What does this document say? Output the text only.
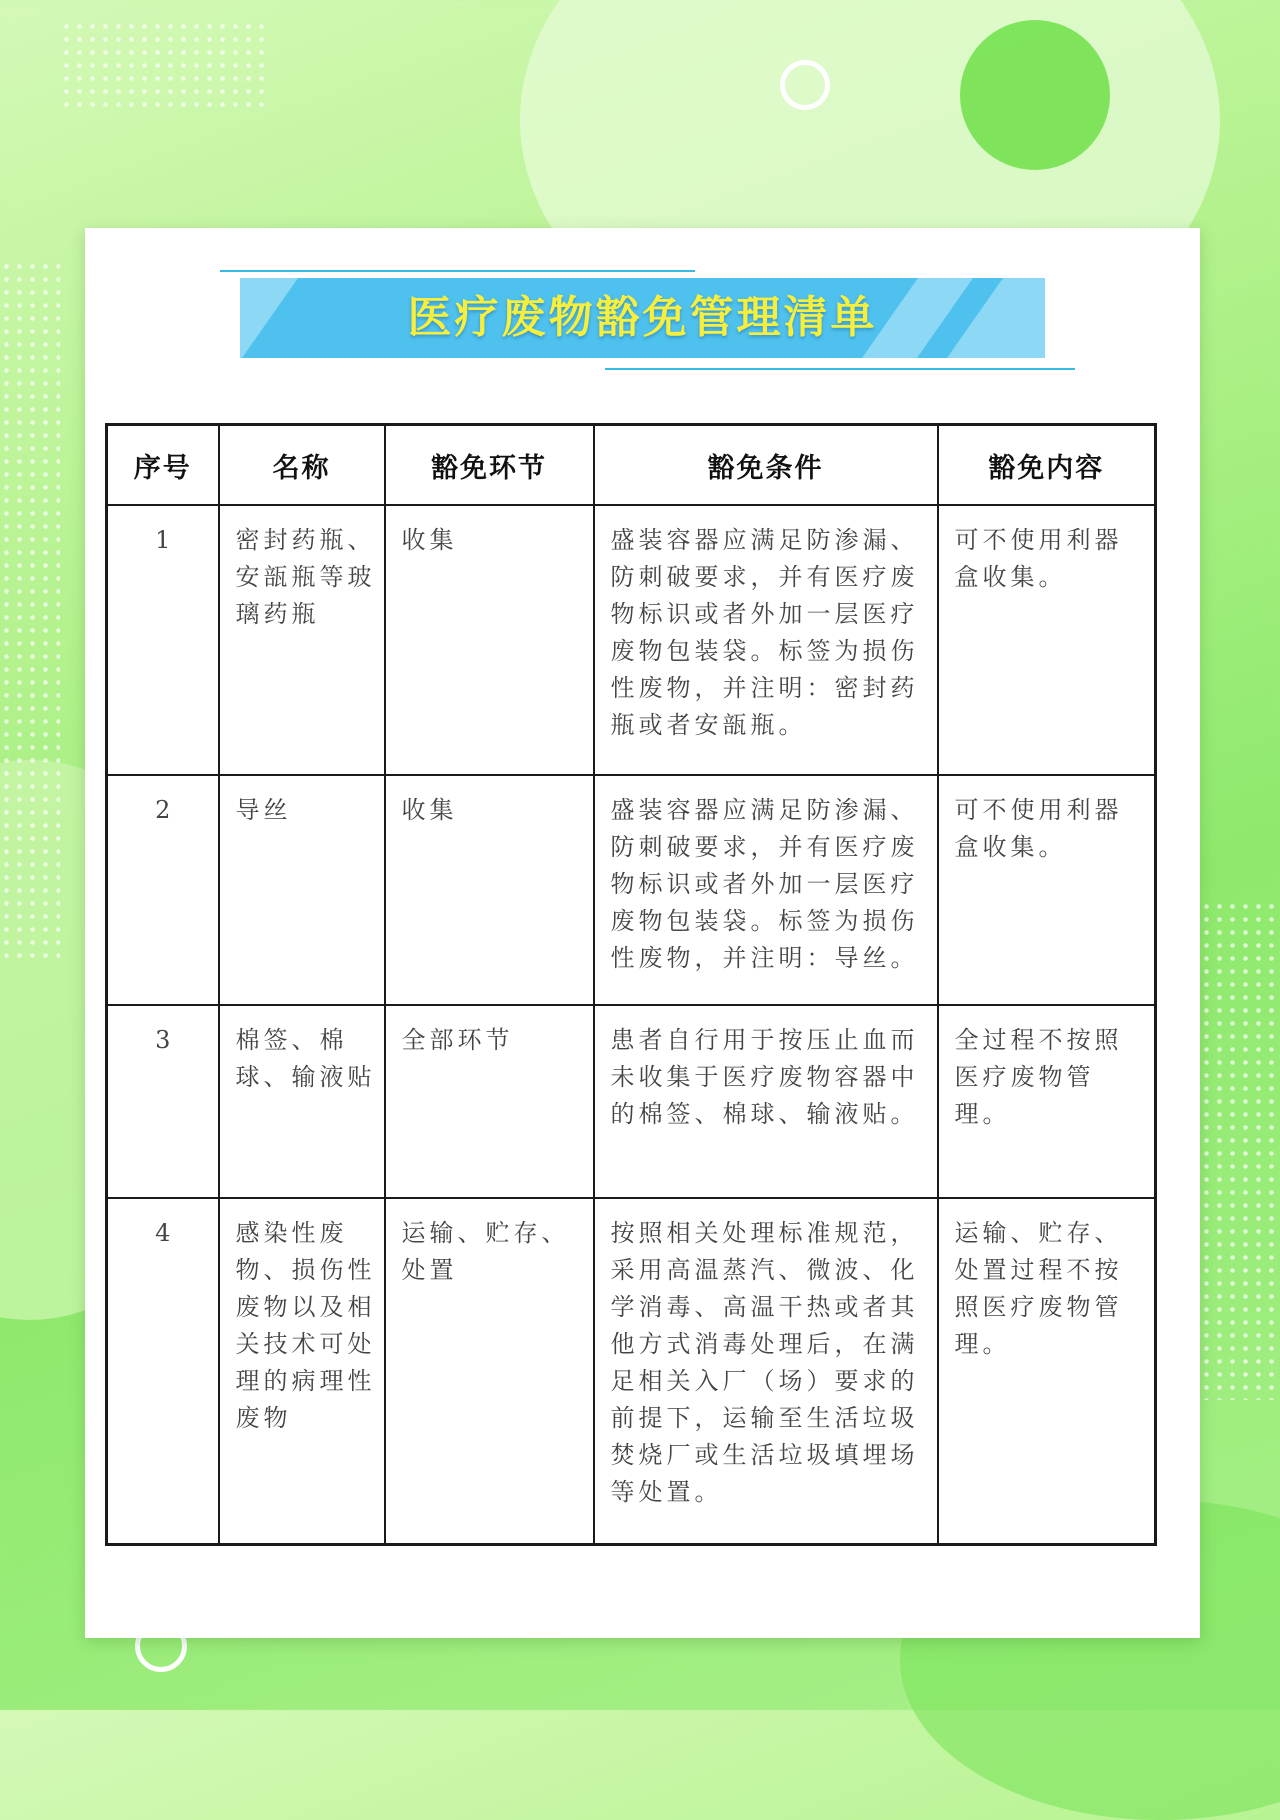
医疗废物豁免管理清单
序号	名称	豁免环节	豁免条件	豁免内容
1	密封药瓶、安瓿瓶等玻璃药瓶	收集	盛装容器应满足防渗漏、防刺破要求，并有医疗废物标识或者外加一层医疗废物包装袋。标签为损伤性废物，并注明：密封药瓶或者安瓿瓶。	可不使用利器盒收集。
2	导丝	收集	盛装容器应满足防渗漏、防刺破要求，并有医疗废物标识或者外加一层医疗废物包装袋。标签为损伤性废物，并注明：导丝。	可不使用利器盒收集。
3	棉签、棉球、输液贴	全部环节	患者自行用于按压止血而未收集于医疗废物容器中的棉签、棉球、输液贴。	全过程不按照医疗废物管理。
4	感染性废物、损伤性废物以及相关技术可处理的病理性废物	运输、贮存、处置	按照相关处理标准规范，采用高温蒸汽、微波、化学消毒、高温干热或者其他方式消毒处理后，在满足相关入厂（场）要求的前提下，运输至生活垃圾焚烧厂或生活垃圾填埋场等处置。	运输、贮存、处置过程不按照医疗废物管理。
